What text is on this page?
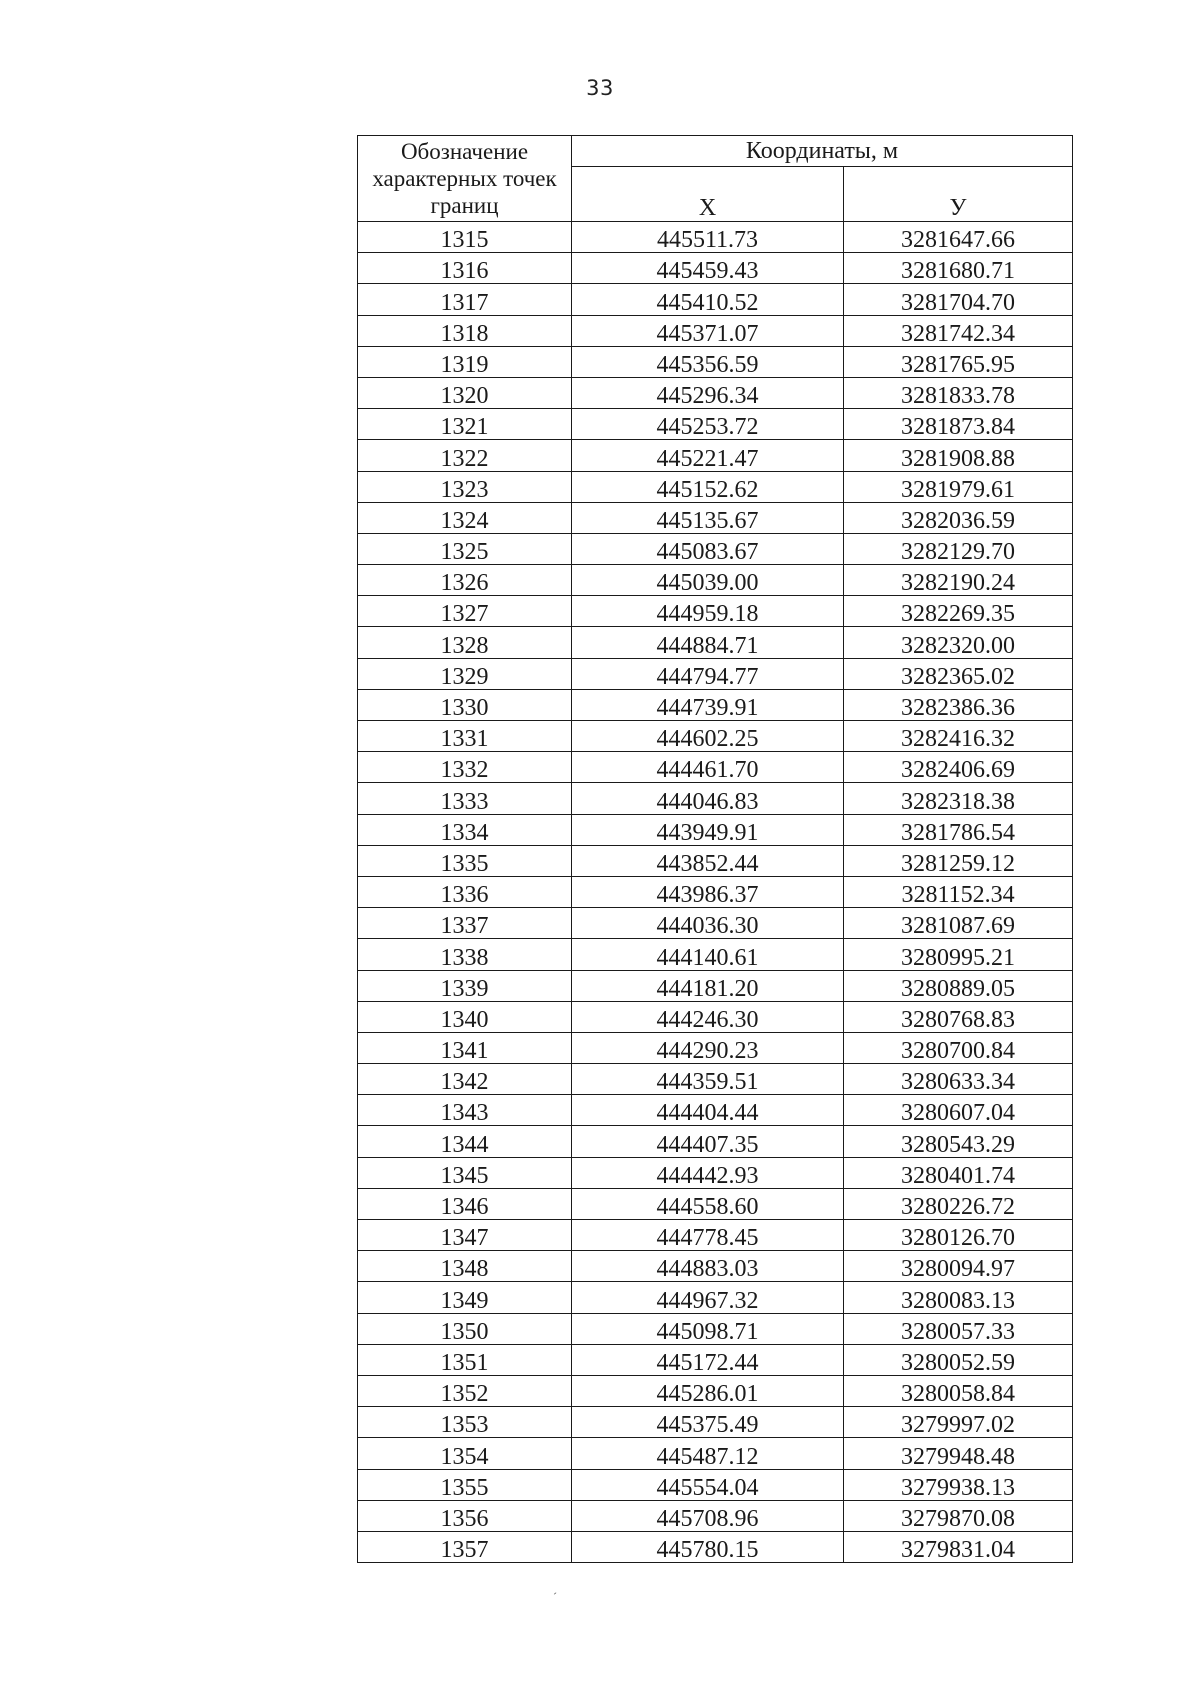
33
Обозначение характерных точек границ	Координаты, м	
	X	У
1315	445511.73	3281647.66
1316	445459.43	3281680.71
1317	445410.52	3281704.70
1318	445371.07	3281742.34
1319	445356.59	3281765.95
1320	445296.34	3281833.78
1321	445253.72	3281873.84
1322	445221.47	3281908.88
1323	445152.62	3281979.61
1324	445135.67	3282036.59
1325	445083.67	3282129.70
1326	445039.00	3282190.24
1327	444959.18	3282269.35
1328	444884.71	3282320.00
1329	444794.77	3282365.02
1330	444739.91	3282386.36
1331	444602.25	3282416.32
1332	444461.70	3282406.69
1333	444046.83	3282318.38
1334	443949.91	3281786.54
1335	443852.44	3281259.12
1336	443986.37	3281152.34
1337	444036.30	3281087.69
1338	444140.61	3280995.21
1339	444181.20	3280889.05
1340	444246.30	3280768.83
1341	444290.23	3280700.84
1342	444359.51	3280633.34
1343	444404.44	3280607.04
1344	444407.35	3280543.29
1345	444442.93	3280401.74
1346	444558.60	3280226.72
1347	444778.45	3280126.70
1348	444883.03	3280094.97
1349	444967.32	3280083.13
1350	445098.71	3280057.33
1351	445172.44	3280052.59
1352	445286.01	3280058.84
1353	445375.49	3279997.02
1354	445487.12	3279948.48
1355	445554.04	3279938.13
1356	445708.96	3279870.08
1357	445780.15	3279831.04
ˊ
